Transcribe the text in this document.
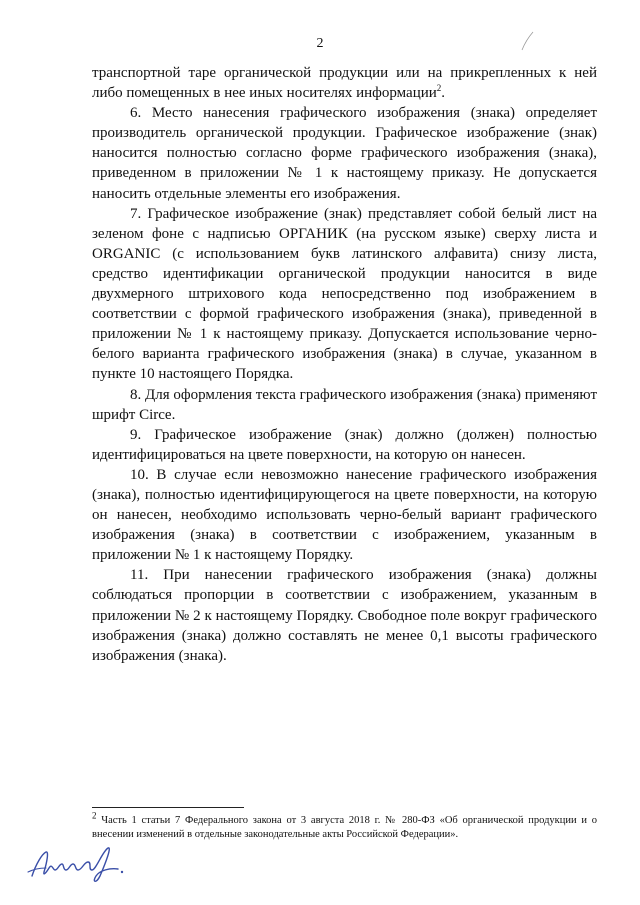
2

транспортной таре органической продукции или на прикрепленных к ней либо помещенных в нее иных носителях информации$^2$.

6. Место нанесения графического изображения (знака) определяет производитель органической продукции. Графическое изображение (знак) наносится полностью согласно форме графического изображения (знака), приведенном в приложении № 1 к настоящему приказу. Не допускается наносить отдельные элементы его изображения.

7. Графическое изображение (знак) представляет собой белый лист на зеленом фоне с надписью ОРГАНИК (на русском языке) сверху листа и ORGANIC (с использованием букв латинского алфавита) снизу листа, средство идентификации органической продукции наносится в виде двухмерного штрихового кода непосредственно под изображением в соответствии с формой графического изображения (знака), приведенной в приложении № 1 к настоящему приказу. Допускается использование черно-белого варианта графического изображения (знака) в случае, указанном в пункте 10 настоящего Порядка.

8. Для оформления текста графического изображения (знака) применяют шрифт Circe.

9. Графическое изображение (знак) должно (должен) полностью идентифицироваться на цвете поверхности, на которую он нанесен.

10. В случае если невозможно нанесение графического изображения (знака), полностью идентифицирующегося на цвете поверхности, на которую он нанесен, необходимо использовать черно-белый вариант графического изображения (знака) в соответствии с изображением, указанным в приложении № 1 к настоящему Порядку.

11. При нанесении графического изображения (знака) должны соблюдаться пропорции в соответствии с изображением, указанным в приложении № 2 к настоящему Порядку. Свободное поле вокруг графического изображения (знака) должно составлять не менее 0,1 высоты графического изображения (знака).

$^2$ Часть 1 статьи 7 Федерального закона от 3 августа 2018 г. № 280-ФЗ «Об органической продукции и о внесении изменений в отдельные законодательные акты Российской Федерации».
